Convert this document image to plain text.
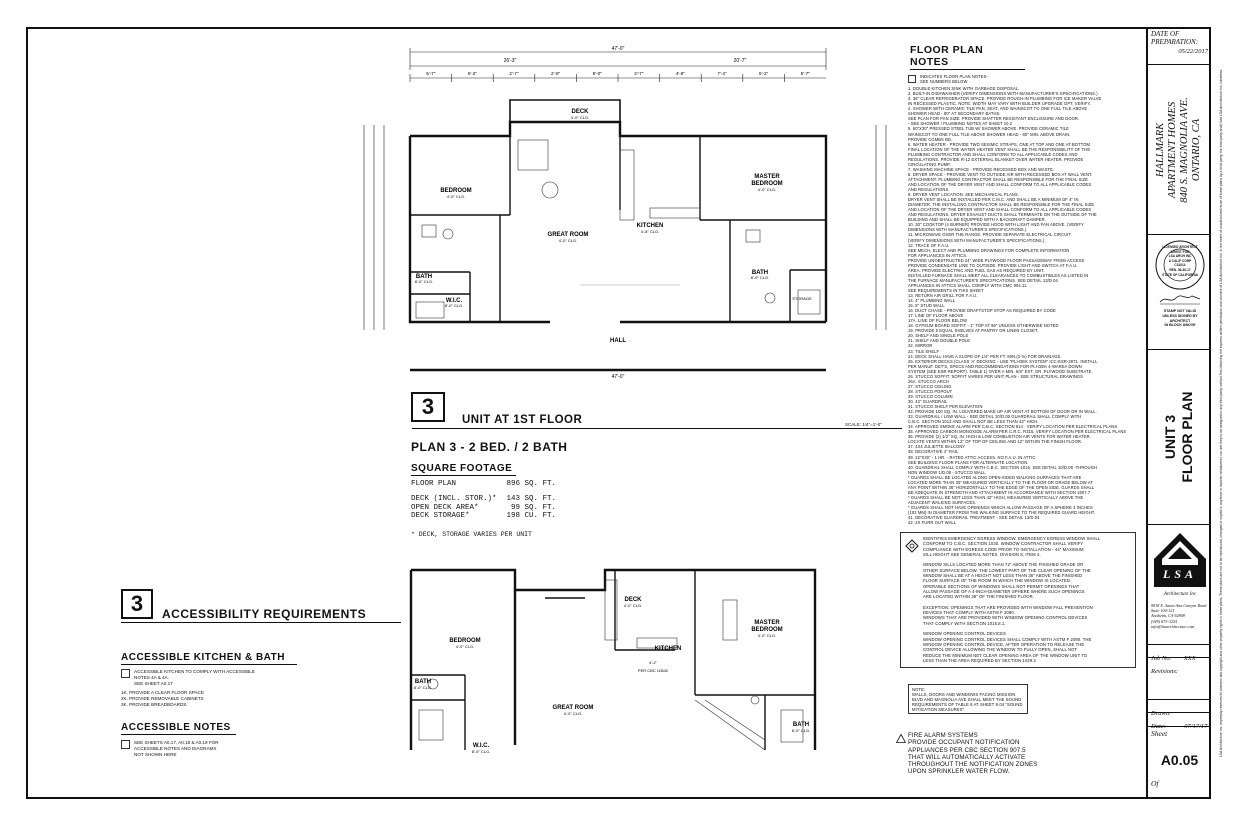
47'-0"
26'-3"	20'-7"
5'-7"	5'-2"	2'-7"	2'-8"	9'-0"	2'-7"	4'-8"	7'-4"	5'-2"	5'-7"
DECK
BEDROOM
MASTER
BEDROOM
GREAT ROOM
KITCHEN
BATH
W.I.C.
BATH
HALL
4'-0" CLG.
4'-0" CLG.
4'-0" CLG.
4'-0" CLG.
4'-8" CLG.
8'-0" CLG.
8'-0" CLG.
8'-0" CLG.
STORAGE
47'-0"
3
UNIT AT 1ST FLOOR	SCALE: 1/4"=1'-0"
PLAN 3 - 2 BED. / 2 BATH
SQUARE FOOTAGE
FLOOR PLAN	896 SQ. FT.
DECK (INCL. STOR.)* 143 SQ. FT.
OPEN DECK AREA*	99 SQ. FT.
DECK STORAGE*	198 CU. FT.
* DECK, STORAGE VARIES PER UNIT
DECK
BEDROOM
MASTER
BEDROOM
GREAT ROOM
KITCHEN
BATH
W.I.C.
BATH
4'-0" CLG.
4'-0" CLG.
4'-0" CLG.
4'-0" CLG.
4'-2"
PER CBC 11B42
8'-0" CLG.
8'-0" CLG.
8'-0" CLG.
3	ACCESSIBILITY REQUIREMENTS
ACCESSIBLE KITCHEN & BATH
ACCESSIBLE KITCHEN TO COMPLY WITH ACCESSIBLE
NOTES 4A & 4A.
SEE SHEET A0.17
1K. PROVIDE A CLEAR FLOOR SPACE
2K. PROVIDE REMOVABLE CABINETS
3K. PROVIDE BREADBOARDS.
ACCESSIBLE NOTES
SEE SHEETS A0.17, A0.18 & A0.19 FOR
ACCESSIBLE NOTES AND DIAGRAMS
NOT SHOWN HERE
FLOOR PLAN NOTES
INDICATES FLOOR PLAN NOTES-
SEE NUMBERS BELOW
1. DOUBLE KITCHEN SINK WITH GARBAGE DISPOSAL.
2. BUILT-IN DISHWASHER (VERIFY DIMENSIONS WITH MANUFACTURER'S SPECIFICATIONS.)
3. 36" CLEAR REFRIGERATOR SPACE. PROVIDE ROUGH-IN PLUMBING FOR ICE MAKER VALVE
IN RECESSED PLASTIC. NOTE: WIDTH MAY VARY WITH BUILDER UPGRADE OPT. VERIFY.
4. SHOWER WITH CERAMIC TILE PAN, SEAT, AND WAINSCOT TO ONE FULL TILE ABOVE
SHOWER HEAD - 80" AT SECONDARY BATHS.
SEE PLAN FOR PAN SIZE. PROVIDE SHATTER RESISTANT ENCLOSURE AND DOOR.
- SEE SHOWER / PLUMBING NOTES AT SHEET 10.2
5. 60"X30" PRESSED STEEL TUB W/ SHOWER ABOVE. PROVIDE CERAMIC TILE
WAINSCOT TO ONE FULL TILE ABOVE SHOWER HEAD - 80" MIN. ABOVE DRAIN.
PROVIDE CGMBS BD.
6. WATER HEATER - PROVIDE TWO SEISMIC STRAPS, ONE AT TOP AND ONE AT BOTTOM.
FINAL LOCATION OF THE WATER HEATER VENT SHALL BE THE RESPONSIBILITY OF THE
PLUMBING CONTRACTOR AND SHALL CONFORM TO ALL APPLICABLE CODES AND
REGULATIONS. PROVIDE R-12 EXTERNAL BLANKET OVER WATER HEATER. PROVIDE
CIRCULATING PUMP.
7. WASHING MACHINE SPACE - PROVIDE RECESSED BOX AND WASTE.
8. DRYER SPACE - PROVIDE VENT TO OUTSIDE AIR WITH RECESSED BOX AT WALL VENT.
ATTACHMENT. PLUMBING CONTRACTOR SHALL BE RESPONSIBLE FOR THE FINAL SIZE
AND LOCATION OF THE DRYER VENT AND SHALL CONFORM TO ALL APPLICABLE CODES
AND REGULATIONS.
9. DRYER VENT LOCATION. SEE MECHANICAL PLANS.
DRYER VENT SHALL BE INSTALLED PER C.M.C. AND SHALL BE A MINIMUM OF 4" IN
DIAMETER. THE INSTALLING CONTRACTOR SHALL BE RESPONSIBLE FOR THE FINAL SIZE
AND LOCATION OF THE DRYER VENT AND SHALL CONFORM TO ALL APPLICABLE CODES
AND REGULATIONS. DRYER EXHAUST DUCTS SHALL TERMINATE ON THE OUTSIDE OF THE
BUILDING AND SHALL BE EQUIPPED WITH A BACKDRAFT DAMPER.
10. 30" COOKTOP (4 BURNER) PROVIDE HOOD WITH LIGHT AND FAN ABOVE. (VERIFY
DIMENSIONS WITH MANUFACTURER'S SPECIFICATIONS.)
11. MICROWAVE OVER THE RANGE. PROVIDE SEPARATE ELECTRICAL CIRCUIT.
(VERIFY DIMENSIONS WITH MANUFACTURER'S SPECIFICATIONS.)
12. TRACE OF F.A.U.
SEE MECH, ELECT AND PLUMBING DRAWINGS FOR COMPLETE INFORMATION
FOR APPLIANCES IN ATTICS.
PROVIDE UNOBSTRUCTED 24" WIDE PLYWOOD FLOOR PASSAGEWAY FROM ACCESS
PROVIDE CONDENSATE LINE TO OUTSIDE. PROVIDE LIGHT AND SWITCH AT F.A.U.
AREA. PROVIDE ELECTRIC AND FUEL GAS AS REQUIRED BY UNIT.
INSTALLED FURNACE SHALL MEET ALL CLEARANCES TO COMBUSTIBLES AS LISTED IN
THE FURNACE MANUFACTURER'S SPECIFICATIONS. SEE DETAIL 13/D.04
APPLIANCES IN ATTICS SHALL COMPLY WITH CMC 904.11.
SEE REQUIREMENTS IN THIS SHEET
13. RETURN AIR GRILL FOR F.A.U.
14. 4" PLUMBING WALL
15. 6" STUD WALL
16. DUCT CHASE - PROVIDE DRAFTSTOP STOP AS REQUIRED BY CODE
17. LINE OF FLOOR ABOVE
17A. LINE OF FLOOR BELOW
18. GYPSUM BOARD SOFFIT - 1" TOP AT 96" UNLESS OTHERWISE NOTED
19. PROVIDE 5 EQUAL SHELVES AT PANTRY OR LINEN CLOSET.
20. SHELF AND SINGLE POLE
21. SHELF AND DOUBLE POLE
22. MIRROR
23. TILE SHELF
24. DECK SHALL HAVE A SLOPE OF 1/4" PER FT. MIN.(2 %) FOR DRAINAGE.
25. EXTERIOR DECKS (CLASS 'A' DECKING - USE "PLI-DEK SYSTEM" ICC-ESR-2871. INSTALL
PER MANUF. DET'S, SPECS AND RECOMMENDATIONS FOR PLI-DEK 4-WAREA DOWN
SYSTEM (SEE ESR REPORT). TABLE 1) OVER A MIN. 5/8" EXT. GR. PLYWOOD SUBSTRATE.
26. STUCCO SOFFIT. SOFFIT VARIES PER UNIT PLAN - SEE STRUCTURAL DRAWINGS
26A. STUCCO ARCH
27. STUCCO CEILING
28. STUCCO POPOUT
29. STUCCO COLUMN
30. 42" GUARDRAIL
31. STUCCO SHELF PER ELEVATION
32. PROVIDE 100 SQ. IN. LOUVERED MAKE UP AIR VENT AT BOTTOM OF DOOR OR IN WALL.
33. GUARDRAIL / LOW WALL - SEE DETAIL 10/D.00 GUARDRAIL SHALL COMPLY WITH
C.B.C. SECTION 1013 AND SHALL NOT BE LESS THAN 42" HIGH.
34. APPROVED SMOKE ALARM PER C.B.C. SECTION 914 . VERIFY LOCATION PER ELECTRICAL PLANS
35. APPROVED CARBON MONOXIDE ALARM PER C.R.C. R315. VERIFY LOCATION PER ELECTRICAL PLANS
36. PROVIDE (2) 1/2" SQ. IN. HIGH & LOW COMBUSTION AIR VENTS FOR WATER HEATER.
LOCATE VENTS WITHIN 12" OF TOP OF CEILING AND 12" WITHIN THE FINISH FLOOR.
37. 4X4 JULIETTE BALCONY
38. DECORATIVE 4" RAIL
39. 22"X30" - 1 HR. - RATED ATTIC ACCESS. NO F.A.U. IN ATTIC
SEE BUILDING FLOOR PLANS FOR ALTERNATE LOCATION.
40. GUARDRAIL SHALL COMPLY WITH C.B.C. SECTION 1015. SEE DETAIL 10/D.08 -THROUGH
NON WINDOW 1/D.09 - STUCCO WALL
* GUARDS SHALL BE LOCATED ALONG OPEN-SIDED WALKING SURFACES THAT ARE
LOCATED MORE THAN 30" MEASURED VERTICALLY TO THE FLOOR OR GRADE BELOW AT
ANY POINT WITHIN 36" HORIZONTALLY TO THE EDGE OF THE OPEN SIDE. GUARDS SHALL
BE ADEQUATE IN STRENGTH AND ATTACHMENT IN ACCORDANCE WITH SECTION 1607.7
* GUARDS SHALL BE NOT LESS THAN 42" HIGH, MEASURED VERTICALLY ABOVE THE
ADJACENT WALKING SURFACES.
* GUARDS SHALL NOT HAVE OPENINGS WHICH ALLOW PASSAGE OF A SPHERE 4 INCHES
(102 MM) IN DIAMETER FROM THE WALKING SURFACE TO THE REQUIRED GUARD HEIGHT.
41. DECORATIVE GUARDRAIL TREATMENT - SEE DETAIL 13/D.04
42. 2X FURR OUT WALL
IDENTIFIES EMERGENCY EGRESS WINDOW. EMERGENCY EGRESS WINDOW SHALL
CONFORM TO C.B.C. SECTION 1030. WINDOW CONTRACTOR SHALL VERIFY
COMPLIANCE WITH EGRESS CODE PRIOR TO INSTALLATION - 44" MAXIMUM
SILL HEIGHT SEE GENERAL NOTES. DIVISION 8, ITEM 4.
WINDOW SILLS LOCATED MORE THAN 72" ABOVE THE FINISHED GRADE OR
OTHER SURFACE BELOW. THE LOWEST PART OF THE CLEAR OPENING OF THE
WINDOW SHALL BE AT A HEIGHT NOT LESS THAN 36" ABOVE THE FINISHED
FLOOR SURFACE OF THE ROOM IN WHICH THE WINDOW IS LOCATED.
OPERABLE SECTIONS OF WINDOWS SHALL NOT PERMIT OPENINGS THAT
ALLOW PASSAGE OF A 4-INCH-DIAMETER SPHERE WHERE SUCH OPENINGS
ARE LOCATED WITHIN 36" OF THE FINISHED FLOOR.
EXCEPTION: OPENINGS THAT ARE PROVIDED WITH WINDOW FALL PREVENTION
DEVICES THAT COMPLY WITH ASTM F 2090.
WINDOWS THAT ARE PROVIDED WITH WINDOW OPENING CONTROL DEVICES
THAT COMPLY WITH SECTION 1015.8.1.
WINDOW OPENING CONTROL DEVICES
WINDOW OPENING CONTROL DEVICES SHALL COMPLY WITH ASTM F 2090. THE
WINDOW OPENING CONTROL DEVICE, AFTER OPERATION TO RELEASE THE
CONTROL DEVICE ALLOWING THE WINDOW TO FULLY OPEN, SHALL NOT
REDUCE THE MINIMUM NET CLEAR OPENING AREA OF THE WINDOW UNIT TO
LESS THAN THE AREA REQUIRED BY SECTION 1029.2
NOTE:
WALLS, DOORS AND WINDOWS FACING MISSION
BLVD AND MAGNOLIA AVE SHALL MEET THE SOUND
REQUIREMENTS OF TABLE 6 AT SHEET 8.04 "SOUND
MITIGATION MEASURES".
FIRE ALARM SYSTEMS
PROVIDE OCCUPANT NOTIFICATION
APPLIANCES PER CBC SECTION 907.5
THAT WILL AUTOMATICALLY ACTIVATE
THROUGHOUT THE NOTIFICATION ZONES
UPON SPRINKLER WATER FLOW.
DATE OF PREPARATION:
05/22/2017
HALLMARK APARTMENT HOMES 840 S. MAGNOLIA AVE. ONTARIO, CA
LICENSED ARCHITECT
AGENT FOR
LSA ARCH INC
A CALIF CORP
C31014
REN. 06-30-17
STATE OF CALIFORNIA
STAMP NOT VALID
UNLESS SIGNED BY
ARCHITECT
IN BLOCK ABOVE
UNIT 3 FLOOR PLAN
LSA
Architecture Inc
9818 E. Santa Ana Canyon Road
Suite 100-121
Anaheim, CA 92808
(949) 673-3255
info@lsaarchitecture.com
Job No. XXX
Revisions:
Drawn:
Date:	07/17/17
Sheet
A0.05
Of
LSA Architecture Inc. expressly reserves its common law copyright and other property rights in these plans. These plans are not to be reproduced, changed or copied in any form or manner whatsoever, nor are they to be assigned to any third party, without first obtaining the express written permission and consent of LSA Architecture Inc. In the event of unauthorized reuse of these plans by a third party, the third party shall hold LSA Architecture Inc. harmless.
